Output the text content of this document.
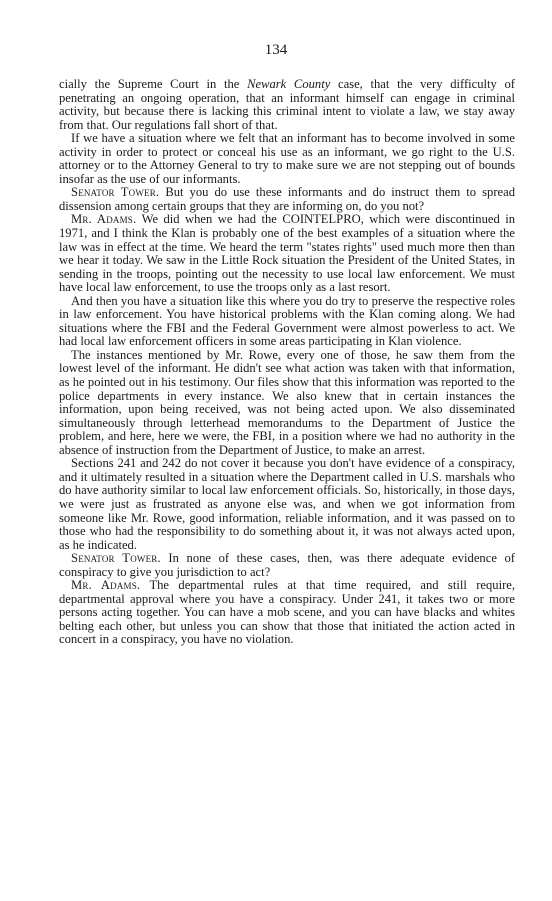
134

cially the Supreme Court in the Newark County case, that the very difficulty of penetrating an ongoing operation, that an informant himself can engage in criminal activity, but because there is lacking this criminal intent to violate a law, we stay away from that. Our regulations fall short of that.

If we have a situation where we felt that an informant has to become involved in some activity in order to protect or conceal his use as an informant, we go right to the U.S. attorney or to the Attorney General to try to make sure we are not stepping out of bounds insofar as the use of our informants.

Senator Tower. But you do use these informants and do instruct them to spread dissension among certain groups that they are informing on, do you not?

Mr. Adams. We did when we had the COINTELPRO, which were discontinued in 1971, and I think the Klan is probably one of the best examples of a situation where the law was in effect at the time. We heard the term "states rights" used much more then than we hear it today. We saw in the Little Rock situation the President of the United States, in sending in the troops, pointing out the necessity to use local law enforcement. We must have local law enforcement, to use the troops only as a last resort.

And then you have a situation like this where you do try to preserve the respective roles in law enforcement. You have historical problems with the Klan coming along. We had situations where the FBI and the Federal Government were almost powerless to act. We had local law enforcement officers in some areas participating in Klan violence.

The instances mentioned by Mr. Rowe, every one of those, he saw them from the lowest level of the informant. He didn't see what action was taken with that information, as he pointed out in his testimony. Our files show that this information was reported to the police departments in every instance. We also knew that in certain instances the information, upon being received, was not being acted upon. We also disseminated simultaneously through letterhead memorandums to the Department of Justice the problem, and here, here we were, the FBI, in a position where we had no authority in the absence of instruction from the Department of Justice, to make an arrest.

Sections 241 and 242 do not cover it because you don't have evidence of a conspiracy, and it ultimately resulted in a situation where the Department called in U.S. marshals who do have authority similar to local law enforcement officials. So, historically, in those days, we were just as frustrated as anyone else was, and when we got information from someone like Mr. Rowe, good information, reliable information, and it was passed on to those who had the responsibility to do something about it, it was not always acted upon, as he indicated.

Senator Tower. In none of these cases, then, was there adequate evidence of conspiracy to give you jurisdiction to act?

Mr. Adams. The departmental rules at that time required, and still require, departmental approval where you have a conspiracy. Under 241, it takes two or more persons acting together. You can have a mob scene, and you can have blacks and whites belting each other, but unless you can show that those that initiated the action acted in concert in a conspiracy, you have no violation.
